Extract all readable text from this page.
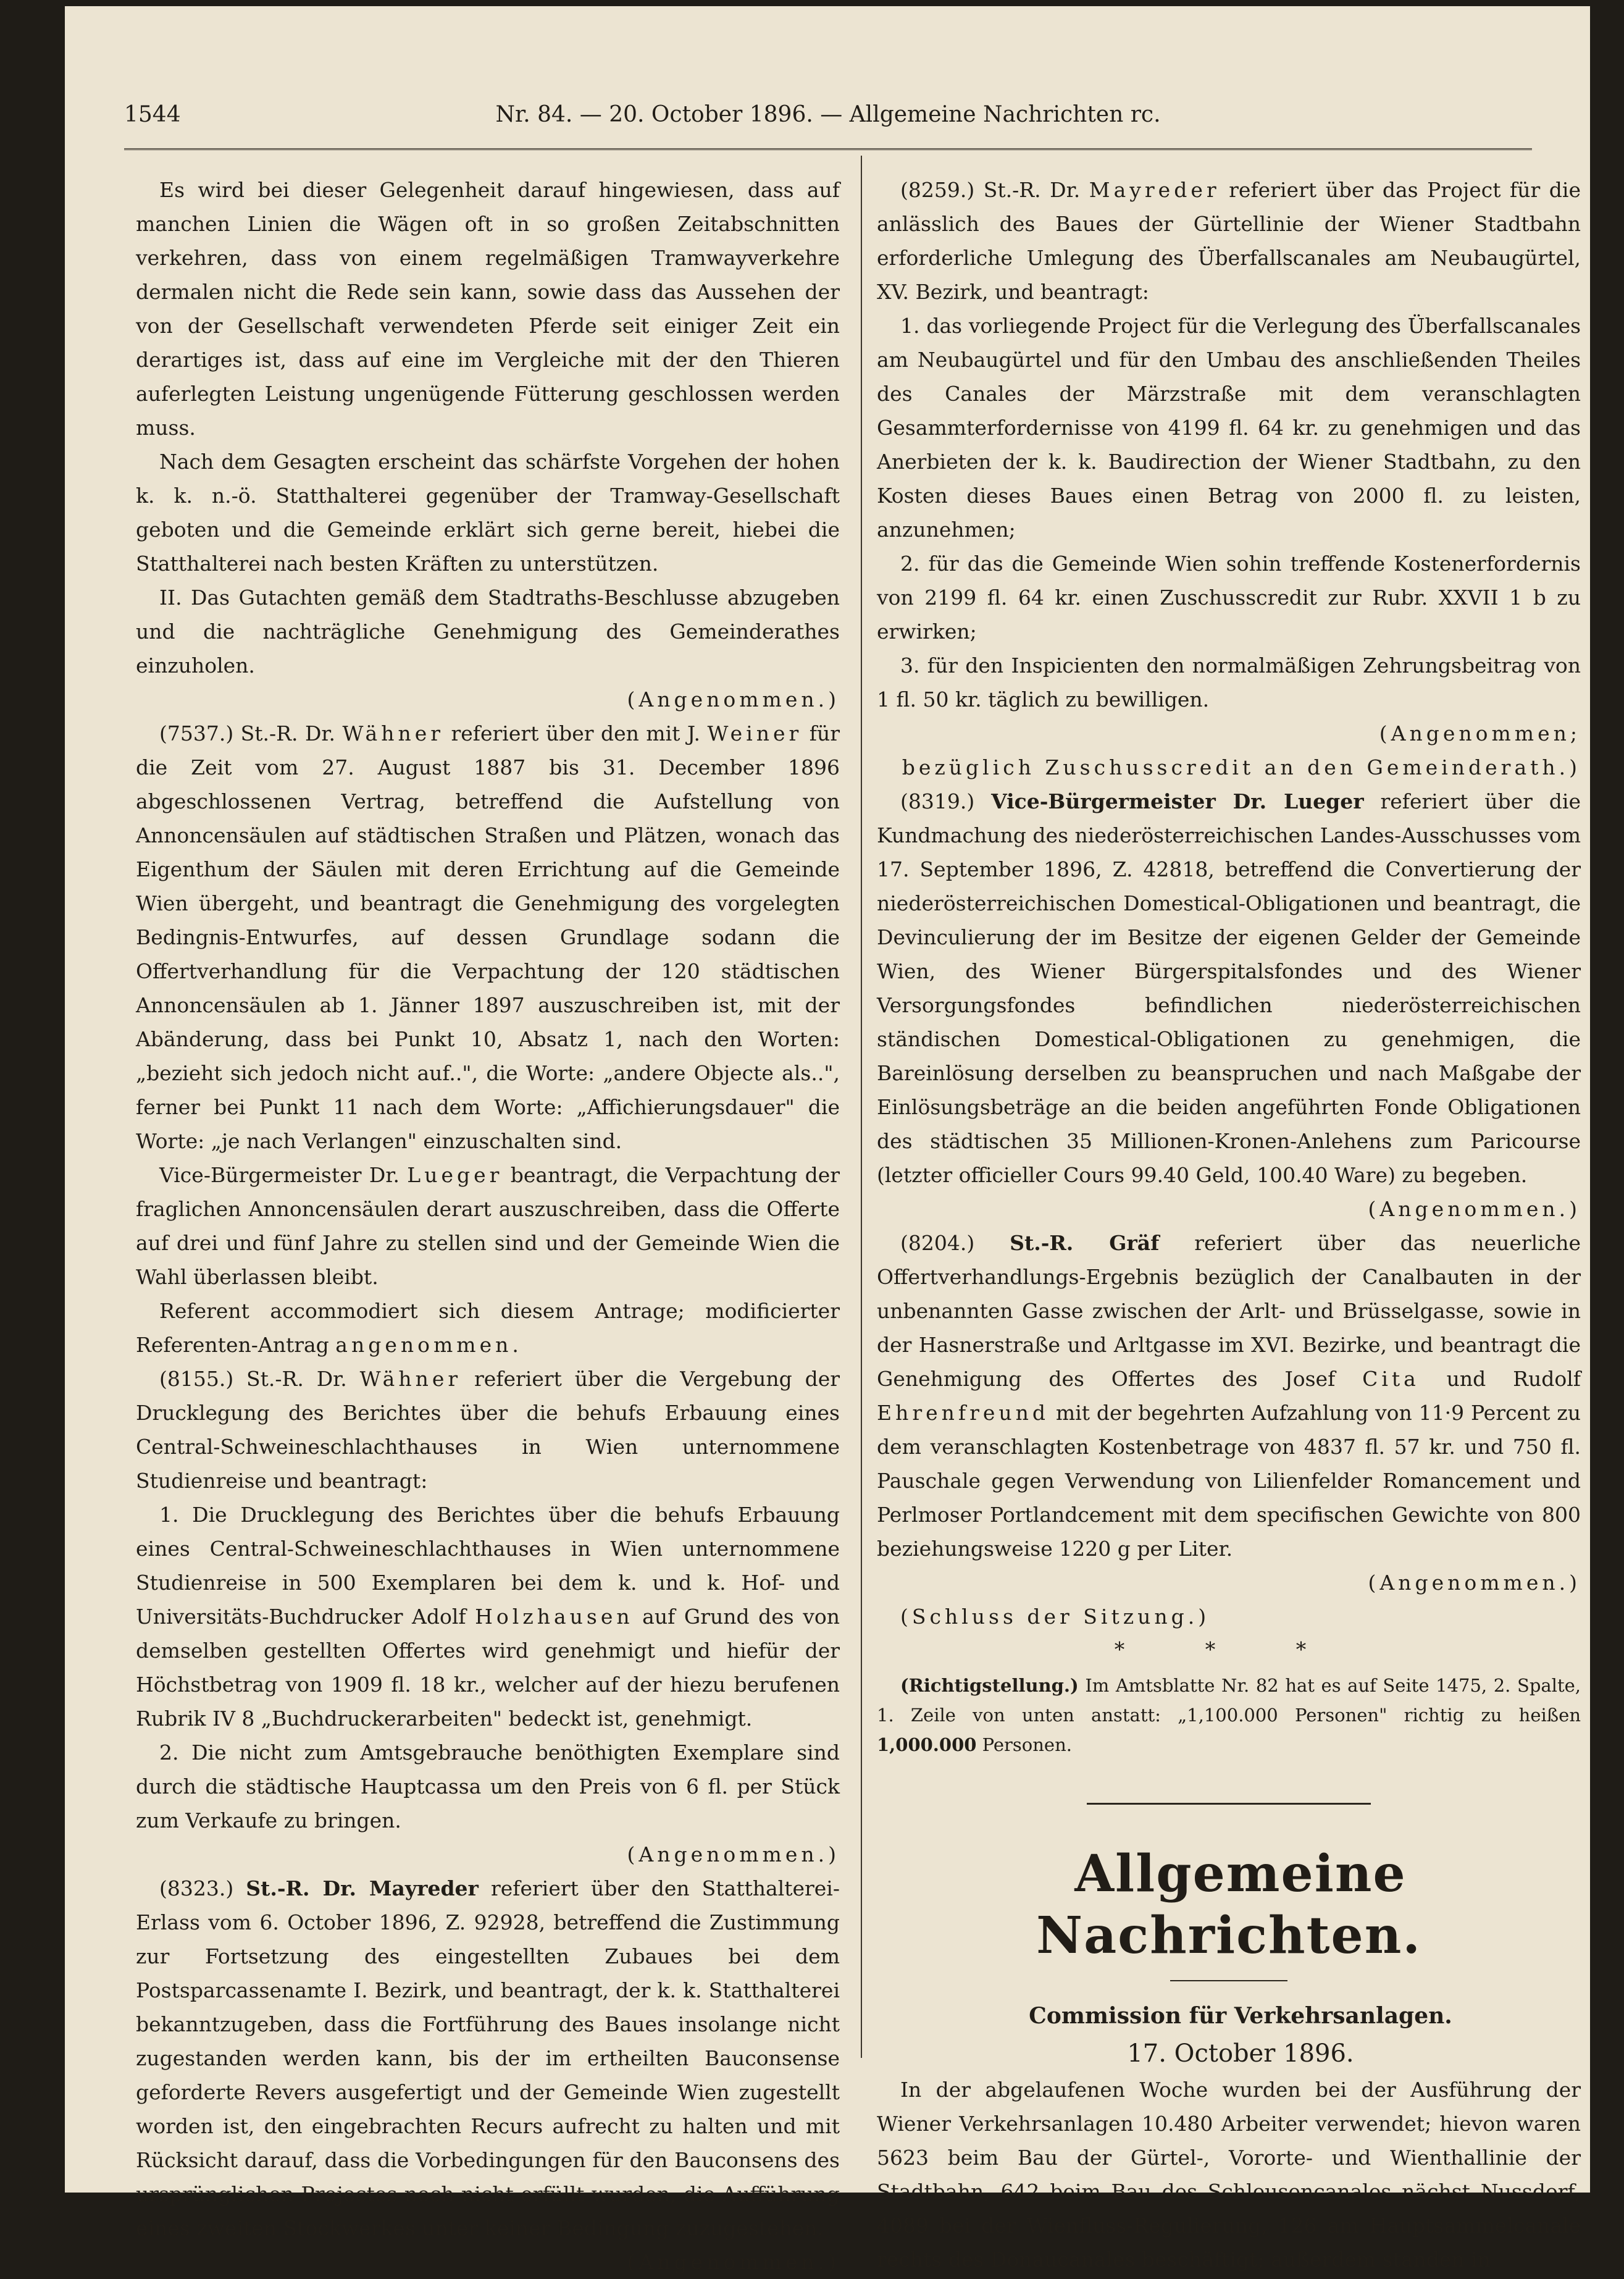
1544	Nr. 84. — 20. October 1896. — Allgemeine Nachrichten rc.

Es wird bei dieser Gelegenheit darauf hingewiesen, dass auf manchen Linien die Wägen oft in so großen Zeitabschnitten verkehren, dass von einem regelmäßigen Tramwayverkehre dermalen nicht die Rede sein kann, sowie dass das Aussehen der von der Gesellschaft verwendeten Pferde seit einiger Zeit ein derartiges ist, dass auf eine im Vergleiche mit der den Thieren auferlegten Leistung ungenügende Fütterung geschlossen werden muss.

Nach dem Gesagten erscheint das schärfste Vorgehen der hohen k. k. n.-ö. Statthalterei gegenüber der Tramway-Gesellschaft geboten und die Gemeinde erklärt sich gerne bereit, hiebei die Statthalterei nach besten Kräften zu unterstützen.

II. Das Gutachten gemäß dem Stadtraths-Beschlusse abzugeben und die nachträgliche Genehmigung des Gemeinderathes einzuholen.

(Angenommen.)

(7537.) St.-R. Dr. Wähner referiert über den mit J. Weiner für die Zeit vom 27. August 1887 bis 31. December 1896 abgeschlossenen Vertrag, betreffend die Aufstellung von Annoncensäulen auf städtischen Straßen und Plätzen, wonach das Eigenthum der Säulen mit deren Errichtung auf die Gemeinde Wien übergeht, und beantragt die Genehmigung des vorgelegten Bedingnis-Entwurfes, auf dessen Grundlage sodann die Offertverhandlung für die Verpachtung der 120 städtischen Annoncensäulen ab 1. Jänner 1897 auszuschreiben ist, mit der Abänderung, dass bei Punkt 10, Absatz 1, nach den Worten: „bezieht sich jedoch nicht auf..", die Worte: „andere Objecte als..", ferner bei Punkt 11 nach dem Worte: „Affichierungsdauer" die Worte: „je nach Verlangen" einzuschalten sind.

Vice-Bürgermeister Dr. Lueger beantragt, die Verpachtung der fraglichen Annoncensäulen derart auszuschreiben, dass die Offerte auf drei und fünf Jahre zu stellen sind und der Gemeinde Wien die Wahl überlassen bleibt.

Referent accommodiert sich diesem Antrage; modificierter Referenten-Antrag angenommen.

(8155.) St.-R. Dr. Wähner referiert über die Vergebung der Drucklegung des Berichtes über die behufs Erbauung eines Central-Schweineschlachthauses in Wien unternommene Studienreise und beantragt:

1. Die Drucklegung des Berichtes über die behufs Erbauung eines Central-Schweineschlachthauses in Wien unternommene Studienreise in 500 Exemplaren bei dem k. und k. Hof- und Universitäts-Buchdrucker Adolf Holzhausen auf Grund des von demselben gestellten Offertes wird genehmigt und hiefür der Höchstbetrag von 1909 fl. 18 kr., welcher auf der hiezu berufenen Rubrik IV 8 „Buchdruckerarbeiten" bedeckt ist, genehmigt.

2. Die nicht zum Amtsgebrauche benöthigten Exemplare sind durch die städtische Hauptcassa um den Preis von 6 fl. per Stück zum Verkaufe zu bringen.

(Angenommen.)

(8323.) St.-R. Dr. Mayreder referiert über den Statthalterei-Erlass vom 6. October 1896, Z. 92928, betreffend die Zustimmung zur Fortsetzung des eingestellten Zubaues bei dem Postsparcassenamte I. Bezirk, und beantragt, der k. k. Statthalterei bekanntzugeben, dass die Fortführung des Baues insolange nicht zugestanden werden kann, bis der im ertheilten Bauconsense geforderte Revers ausgefertigt und der Gemeinde Wien zugestellt worden ist, den eingebrachten Recurs aufrecht zu halten und mit Rücksicht darauf, dass die Vorbedingungen für den Bauconsens des ursprünglichen Projectes noch nicht erfüllt wurden, die Aufführung eines zweiten Stockwerkes unter keiner Bedingung zuzugestehen.

(Angenommen.)

(8259.) St.-R. Dr. Mayreder referiert über das Project für die anlässlich des Baues der Gürtellinie der Wiener Stadtbahn erforderliche Umlegung des Überfallscanales am Neubaugürtel, XV. Bezirk, und beantragt:

1. das vorliegende Project für die Verlegung des Überfallscanales am Neubaugürtel und für den Umbau des anschließenden Theiles des Canales der Märzstraße mit dem veranschlagten Gesammterfordernisse von 4199 fl. 64 kr. zu genehmigen und das Anerbieten der k. k. Baudirection der Wiener Stadtbahn, zu den Kosten dieses Baues einen Betrag von 2000 fl. zu leisten, anzunehmen;

2. für das die Gemeinde Wien sohin treffende Kostenerfordernis von 2199 fl. 64 kr. einen Zuschusscredit zur Rubr. XXVII 1 b zu erwirken;

3. für den Inspicienten den normalmäßigen Zehrungsbeitrag von 1 fl. 50 kr. täglich zu bewilligen.

(Angenommen;

bezüglich Zuschusscredit an den Gemeinderath.)

(8319.) Vice-Bürgermeister Dr. Lueger referiert über die Kundmachung des niederösterreichischen Landes-Ausschusses vom 17. September 1896, Z. 42818, betreffend die Convertierung der niederösterreichischen Domestical-Obligationen und beantragt, die Devinculierung der im Besitze der eigenen Gelder der Gemeinde Wien, des Wiener Bürgerspitalsfondes und des Wiener Versorgungsfondes befindlichen niederösterreichischen ständischen Domestical-Obligationen zu genehmigen, die Bareinlösung derselben zu beanspruchen und nach Maßgabe der Einlösungsbeträge an die beiden angeführten Fonde Obligationen des städtischen 35 Millionen-Kronen-Anlehens zum Paricourse (letzter officieller Cours 99.40 Geld, 100.40 Ware) zu begeben.

(Angenommen.)

(8204.) St.-R. Gräf referiert über das neuerliche Offertverhandlungs-Ergebnis bezüglich der Canalbauten in der unbenannten Gasse zwischen der Arlt- und Brüsselgasse, sowie in der Hasnerstraße und Arltgasse im XVI. Bezirke, und beantragt die Genehmigung des Offertes des Josef Cita und Rudolf Ehrenfreund mit der begehrten Aufzahlung von 11·9 Percent zu dem veranschlagten Kostenbetrage von 4837 fl. 57 kr. und 750 fl. Pauschale gegen Verwendung von Lilienfelder Romancement und Perlmoser Portlandcement mit dem specifischen Gewichte von 800 beziehungsweise 1220 g per Liter.

(Angenommen.)

(Schluss der Sitzung.)

* * *

(Richtigstellung.) Im Amtsblatte Nr. 82 hat es auf Seite 1475, 2. Spalte, 1. Zeile von unten anstatt: „1,100.000 Personen" richtig zu heißen 1,000.000 Personen.

Allgemeine Nachrichten.

Commission für Verkehrsanlagen.

17. October 1896.

In der abgelaufenen Woche wurden bei der Ausführung der Wiener Verkehrsanlagen 10.480 Arbeiter verwendet; hievon waren 5623 beim Bau der Gürtel-, Vororte- und Wienthallinie der Stadtbahn, 642 beim Bau des Schleusencanales nächst Nussdorf, 4089 bei der Wienfluss-Regulierung, 126 am Hauptsammelcanale rechts des Donaucanales beschäftigt; außerdem standen in
